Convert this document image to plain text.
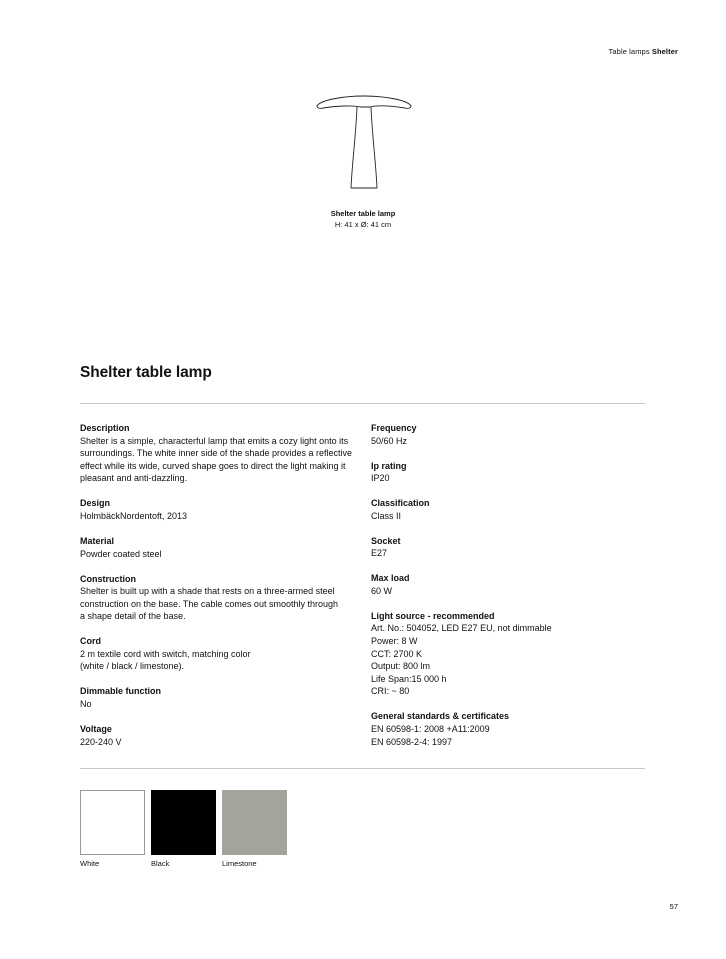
Table lamps Shelter
Shelter table lamp
H: 41 x Ø: 41 cm
Shelter table lamp
Description
Shelter is a simple, characterful lamp that emits a cozy light onto its
surroundings. The white inner side of the shade provides a reflective
effect while its wide, curved shape goes to direct the light making it
pleasant and anti-dazzling.
Design
HolmbäckNordentoft, 2013
Material
Powder coated steel
Construction
Shelter is built up with a shade that rests on a three-armed steel
construction on the base. The cable comes out smoothly through
a shape detail of the base.
Cord
2 m textile cord with switch, matching color
(white / black / limestone).
Dimmable function
No
Voltage
220-240 V
Frequency
50/60 Hz
Ip rating
IP20
Classification
Class II
Socket
E27
Max load
60 W
Light source - recommended
Art. No.: 504052, LED E27 EU, not dimmable
Power: 8 W
CCT: 2700 K
Output: 800 lm
Life Span:15 000 h
CRI: ~ 80
General standards & certificates
EN 60598-1: 2008 +A11:2009
EN 60598-2-4: 1997
White	Black	Limestone
57
